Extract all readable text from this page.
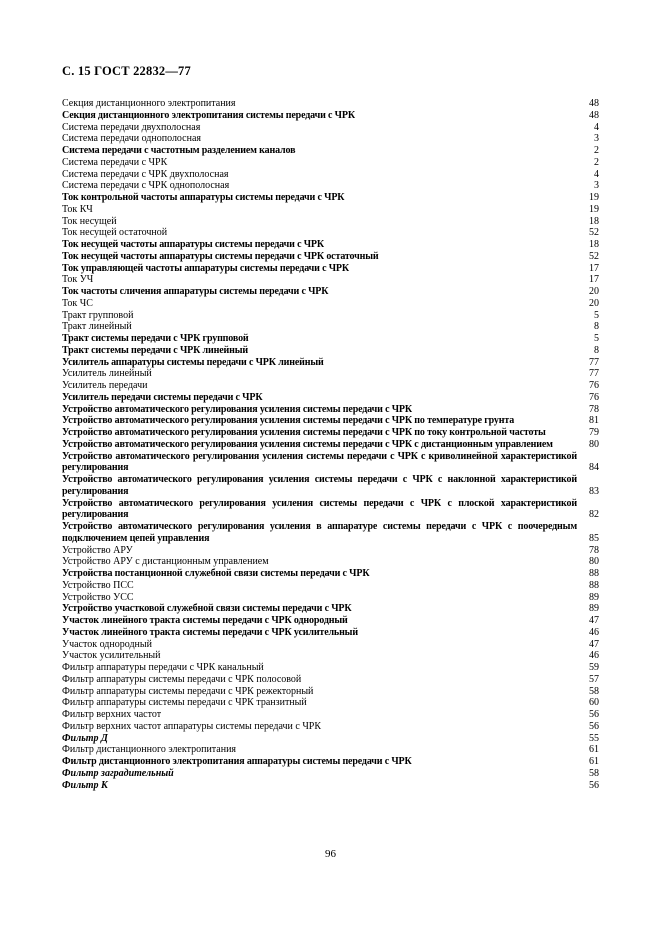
С. 15 ГОСТ 22832—77
Секция дистанционного электропитания	48
Секция дистанционного электропитания системы передачи с ЧРК	48
Система передачи двухполосная	4
Система передачи однополосная	3
Система передачи с частотным разделением каналов	2
Система передачи с ЧРК	2
Система передачи с ЧРК двухполосная	4
Система передачи с ЧРК однополосная	3
Ток контрольной частоты аппаратуры системы передачи с ЧРК	19
Ток КЧ	19
Ток несущей	18
Ток несущей остаточной	52
Ток несущей частоты аппаратуры системы передачи с ЧРК	18
Ток несущей частоты аппаратуры системы передачи с ЧРК остаточный	52
Ток управляющей частоты аппаратуры системы передачи с ЧРК	17
Ток УЧ	17
Ток частоты сличения аппаратуры системы передачи с ЧРК	20
Ток ЧС	20
Тракт групповой	5
Тракт линейный	8
Тракт системы передачи с ЧРК групповой	5
Тракт системы передачи с ЧРК линейный	8
Усилитель аппаратуры системы передачи с ЧРК линейный	77
Усилитель линейный	77
Усилитель передачи	76
Усилитель передачи системы передачи с ЧРК	76
Устройство автоматического регулирования усиления системы передачи с ЧРК	78
Устройство автоматического регулирования усиления системы передачи с ЧРК по температуре грунта	81
Устройство автоматического регулирования усиления системы передачи с ЧРК по току контрольной частоты	79
Устройство автоматического регулирования усиления системы передачи с ЧРК с дистанционным управлением	80
Устройство автоматического регулирования усиления системы передачи с ЧРК с криволинейной характеристикой регулирования	84
Устройство автоматического регулирования усиления системы передачи с ЧРК с наклонной характеристикой регулирования	83
Устройство автоматического регулирования усиления системы передачи с ЧРК с плоской характеристикой регулирования	82
Устройство автоматического регулирования усиления в аппаратуре системы передачи с ЧРК с поочередным подключением цепей управления	85
Устройство АРУ	78
Устройство АРУ с дистанционным управлением	80
Устройства постанционной служебной связи системы передачи с ЧРК	88
Устройство ПСС	88
Устройство УСС	89
Устройство участковой служебной связи системы передачи с ЧРК	89
Участок линейного тракта системы передачи с ЧРК однородный	47
Участок линейного тракта системы передачи с ЧРК усилительный	46
Участок однородный	47
Участок усилительный	46
Фильтр аппаратуры передачи с ЧРК канальный	59
Фильтр аппаратуры системы передачи с ЧРК полосовой	57
Фильтр аппаратуры системы передачи с ЧРК режекторный	58
Фильтр аппаратуры системы передачи с ЧРК транзитный	60
Фильтр верхних частот	56
Фильтр верхних частот аппаратуры системы передачи с ЧРК	56
Фильтр Д	55
Фильтр дистанционного электропитания	61
Фильтр дистанционного электропитания аппаратуры системы передачи с ЧРК	61
Фильтр заградительный	58
Фильтр К	56
96
